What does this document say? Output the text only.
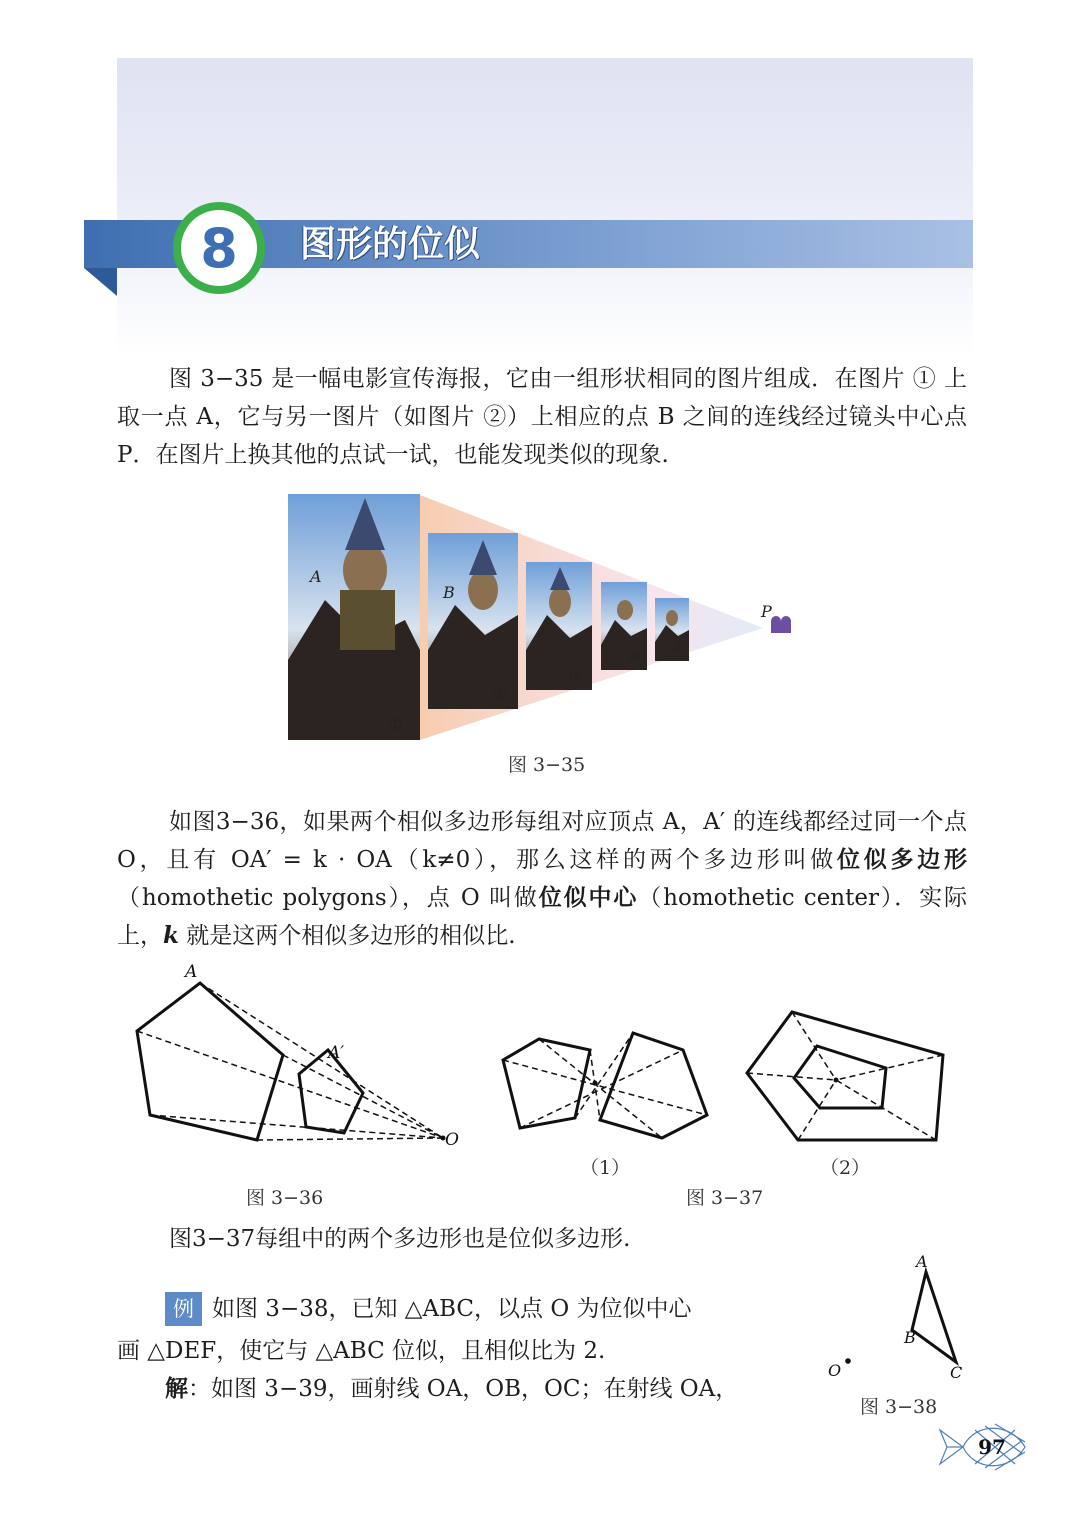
8	图形的位似

图 3−35 是一幅电影宣传海报，它由一组形状相同的图片组成．在图片 ① 上取一点 A，它与另一图片（如图片 ②）上相应的点 B 之间的连线经过镜头中心点 P．在图片上换其他的点试一试，也能发现类似的现象.

①
②
③
④ ⑤
A
B
P
图 3−35

如图3−36，如果两个相似多边形每组对应顶点 A，A′ 的连线都经过同一个点 O，且有 OA′ = k · OA（k≠0），那么这样的两个多边形叫做位似多边形（homothetic polygons），点 O 叫做位似中心（homothetic center）．实际上，k 就是这两个相似多边形的相似比.

A
A′
O
图 3−36
（1）	（2）
图 3−37
图3−37每组中的两个多边形也是位似多边形.
例 如图 3−38，已知 △ABC，以点 O 为位似中心
画 △DEF，使它与 △ABC 位似，且相似比为 2.
解：如图 3−39，画射线 OA，OB，OC；在射线 OA，
A
B
C
O
图 3−38
97
